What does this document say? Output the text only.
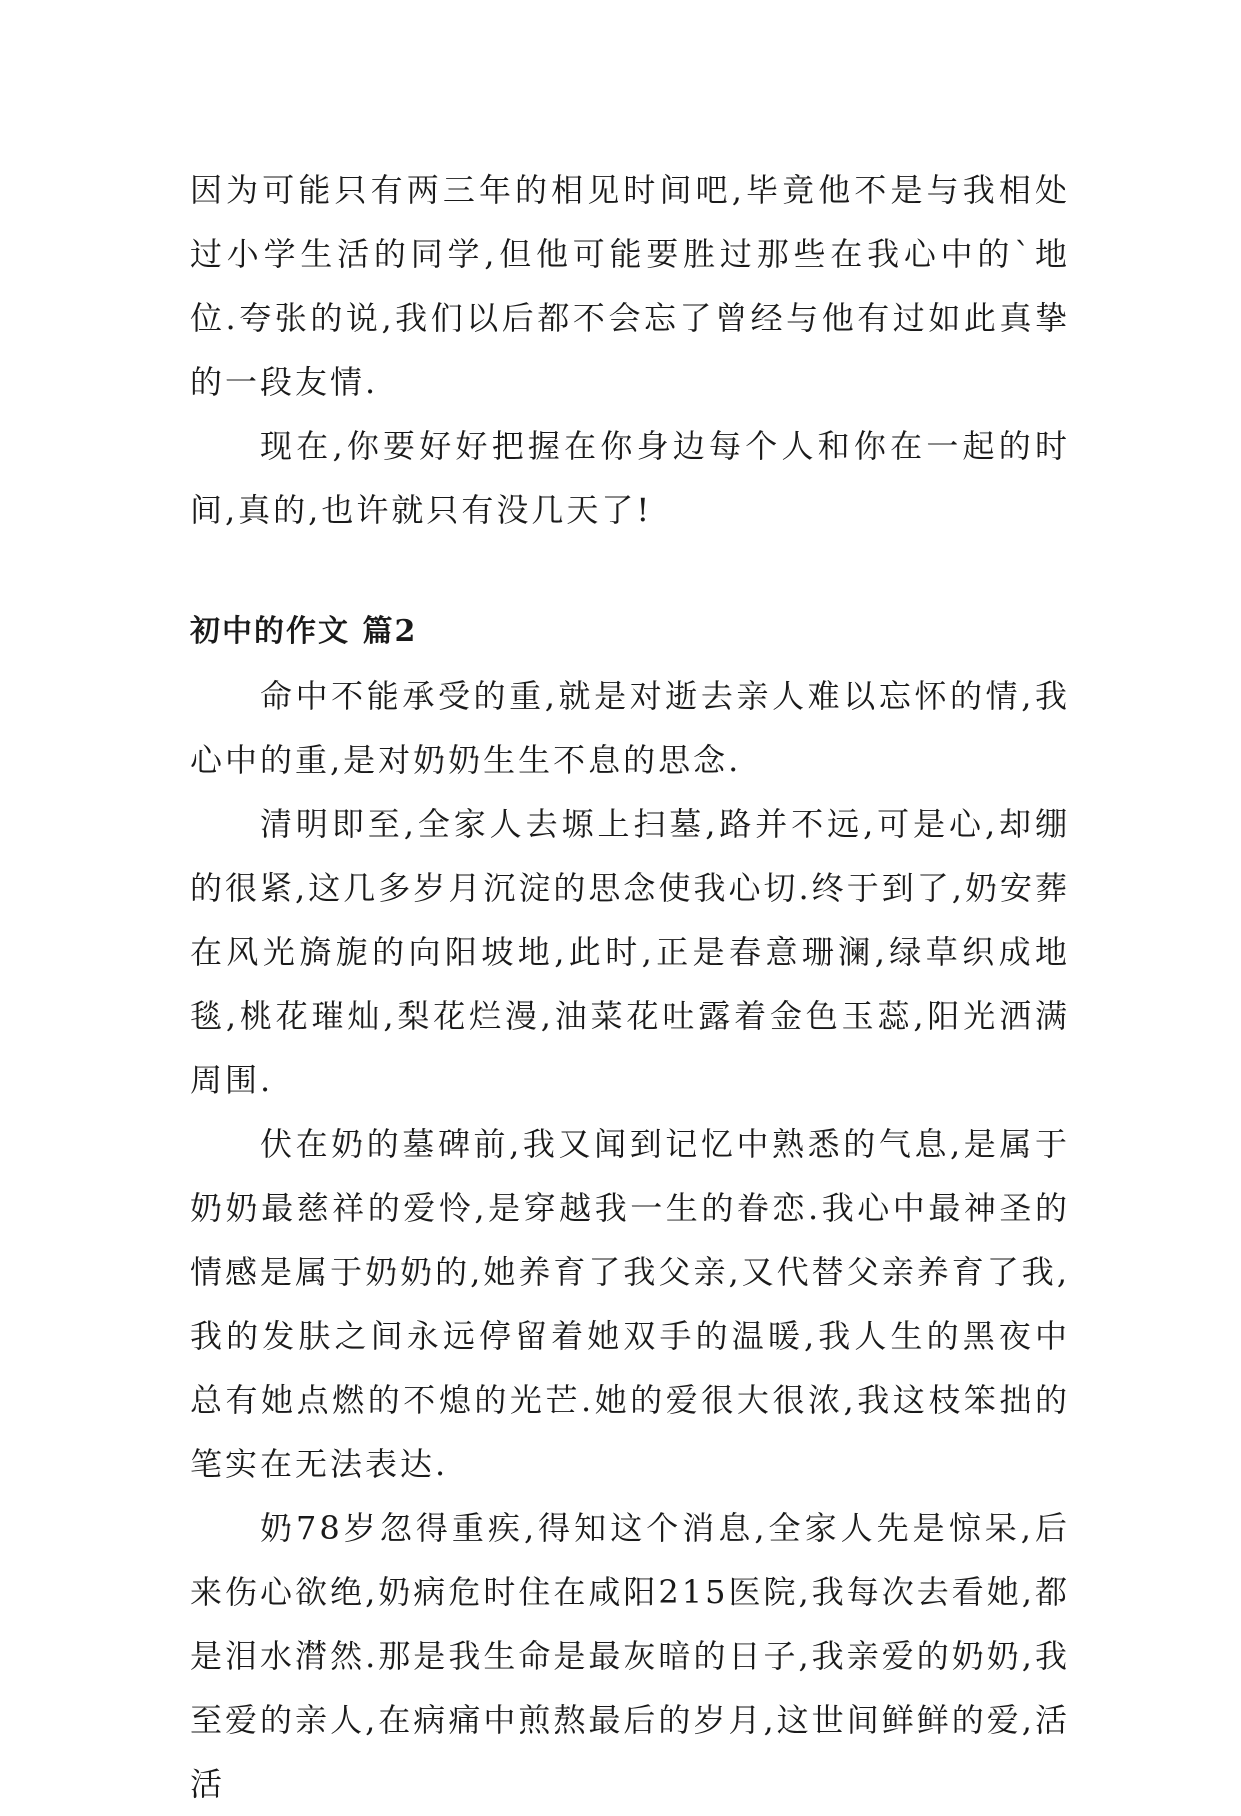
因为可能只有两三年的相见时间吧,毕竟他不是与我相处过小学生活的同学,但他可能要胜过那些在我心中的`地位.夸张的说,我们以后都不会忘了曾经与他有过如此真挚的一段友情.

现在,你要好好把握在你身边每个人和你在一起的时间,真的,也许就只有没几天了!

初中的作文 篇2

命中不能承受的重,就是对逝去亲人难以忘怀的情,我心中的重,是对奶奶生生不息的思念.

清明即至,全家人去塬上扫墓,路并不远,可是心,却绷的很紧,这几多岁月沉淀的思念使我心切.终于到了,奶安葬在风光旖旎的向阳坡地,此时,正是春意珊澜,绿草织成地毯,桃花璀灿,梨花烂漫,油菜花吐露着金色玉蕊,阳光洒满周围.

伏在奶的墓碑前,我又闻到记忆中熟悉的气息,是属于奶奶最慈祥的爱怜,是穿越我一生的眷恋.我心中最神圣的情感是属于奶奶的,她养育了我父亲,又代替父亲养育了我,我的发肤之间永远停留着她双手的温暖,我人生的黑夜中总有她点燃的不熄的光芒.她的爱很大很浓,我这枝笨拙的笔实在无法表达.

奶78岁忽得重疾,得知这个消息,全家人先是惊呆,后来伤心欲绝,奶病危时住在咸阳215医院,我每次去看她,都是泪水潸然.那是我生命是最灰暗的日子,我亲爱的奶奶,我至爱的亲人,在病痛中煎熬最后的岁月,这世间鲜鲜的爱,活活
